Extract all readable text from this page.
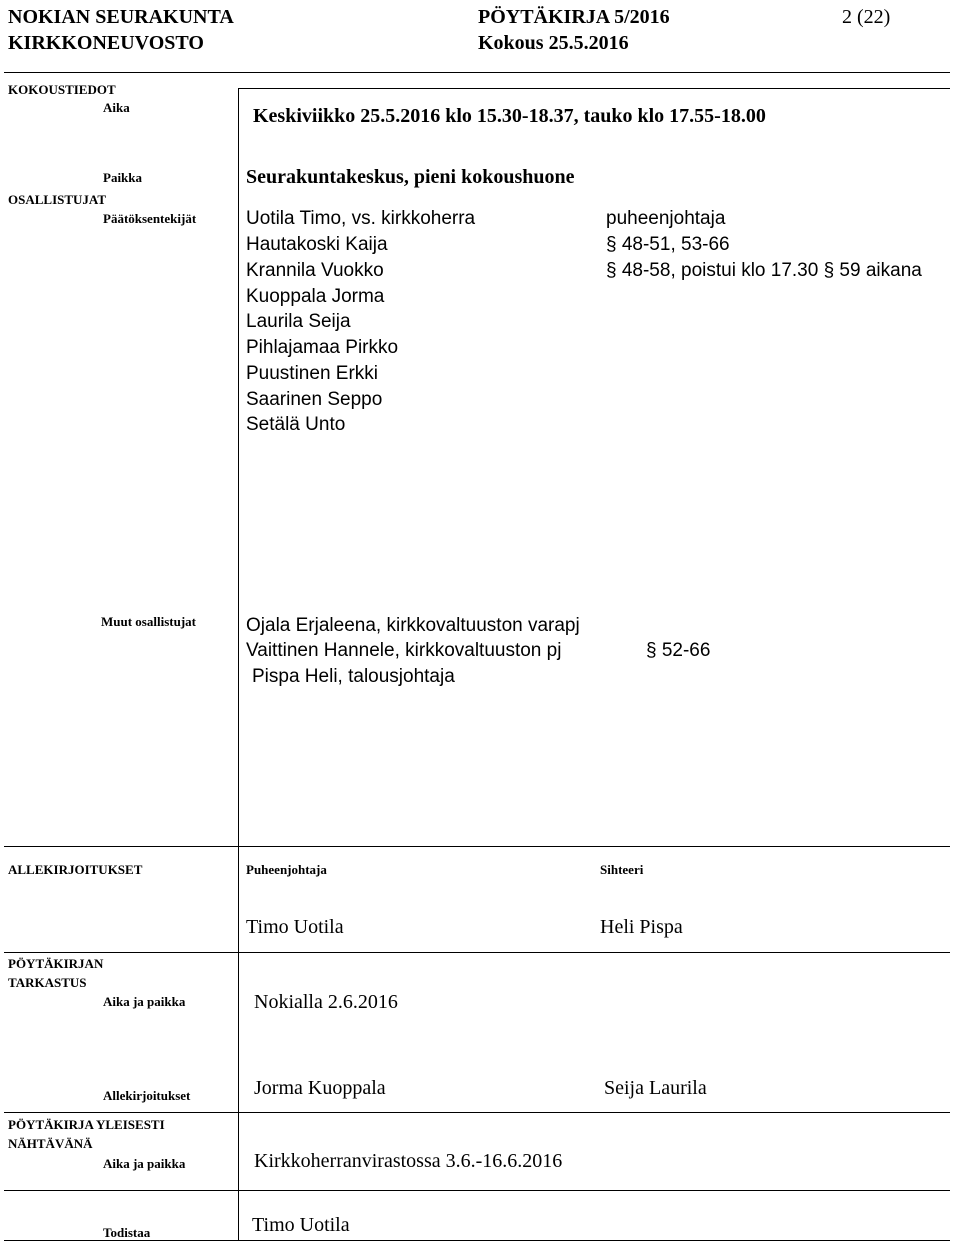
NOKIAN SEURAKUNTA
KIRKKONEUVOSTO
PÖYTÄKIRJA 5/2016
Kokous 25.5.2016
2 (22)
KOKOUSTIEDOT
Aika	Keskiviikko 25.5.2016 klo 15.30-18.37, tauko klo 17.55-18.00
Paikka	Seurakuntakeskus, pieni kokoushuone
OSALLISTUJAT
Päätöksentekijät	Uotila Timo, vs. kirkkoherra	puheenjohtaja
Hautakoski Kaija	§ 48-51, 53-66
Krannila Vuokko	§ 48-58, poistui klo 17.30 § 59 aikana
Kuoppala Jorma
Laurila Seija
Pihlajamaa Pirkko
Puustinen Erkki
Saarinen Seppo
Setälä Unto
Muut osallistujat	Ojala Erjaleena, kirkkovaltuuston varapj
Vaittinen Hannele, kirkkovaltuuston pj	§ 52-66
Pispa Heli, talousjohtaja
ALLEKIRJOITUKSET	Puheenjohtaja	Sihteeri
Timo Uotila	Heli Pispa
PÖYTÄKIRJAN
TARKASTUS
Aika ja paikka	Nokialla 2.6.2016
Allekirjoitukset	Jorma Kuoppala	Seija Laurila
PÖYTÄKIRJA YLEISESTI
NÄHTÄVÄNÄ
Aika ja paikka	Kirkkoherranvirastossa 3.6.-16.6.2016
Todistaa	Timo Uotila
